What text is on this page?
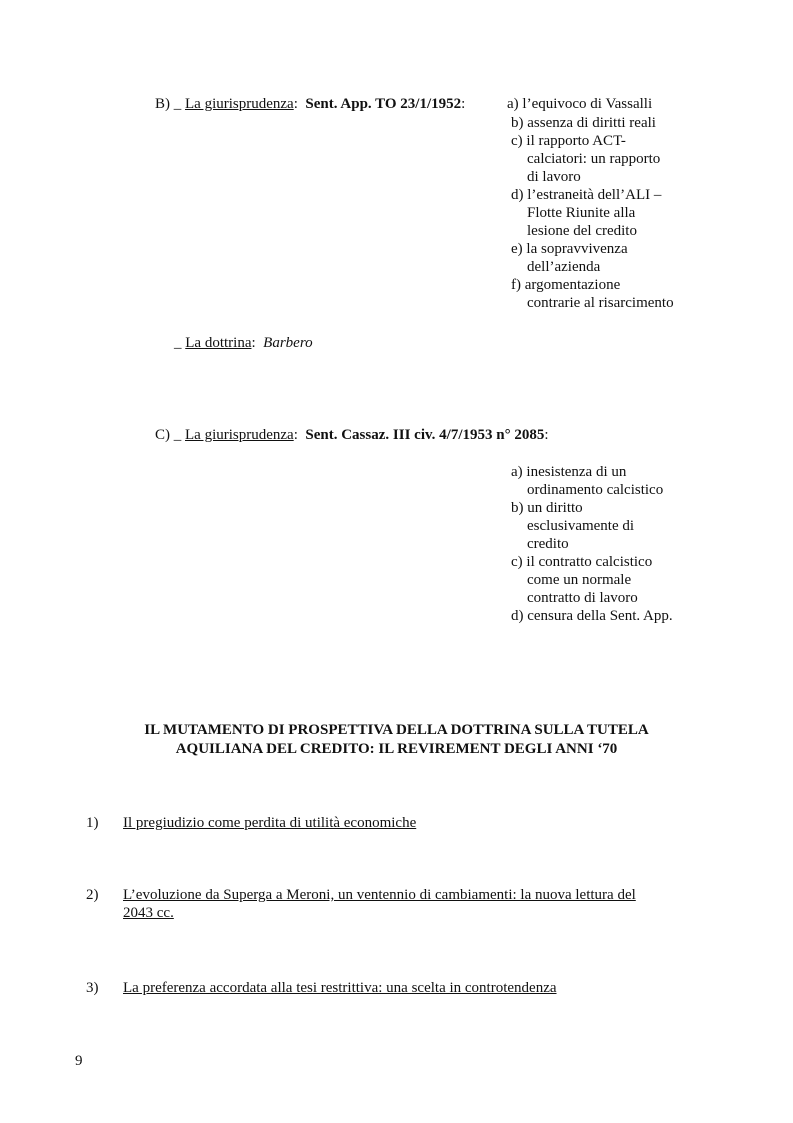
B) _ La giurisprudenza: Sent. App. TO 23/1/1952:	a) l’equivoco di Vassalli
b) assenza di diritti reali
c) il rapporto ACT-
calciatori: un rapporto
di lavoro
d) l’estraneità dell’ALI –
Flotte Riunite alla
lesione del credito
e) la sopravvivenza
dell’azienda
f) argomentazione
contrarie al risarcimento
_ La dottrina: Barbero
C) _ La giurisprudenza: Sent. Cassaz. III civ. 4/7/1953 n° 2085:
a) inesistenza di un
ordinamento calcistico
b) un diritto
esclusivamente di
credito
c) il contratto calcistico
come un normale
contratto di lavoro
d) censura della Sent. App.
IL MUTAMENTO DI PROSPETTIVA DELLA DOTTRINA SULLA TUTELA
AQUILIANA DEL CREDITO: IL REVIREMENT DEGLI ANNI ‘70
1) Il pregiudizio come perdita di utilità economiche
2) L’evoluzione da Superga a Meroni, un ventennio di cambiamenti: la nuova lettura del
2043 cc.
3) La preferenza accordata alla tesi restrittiva: una scelta in controtendenza
9
